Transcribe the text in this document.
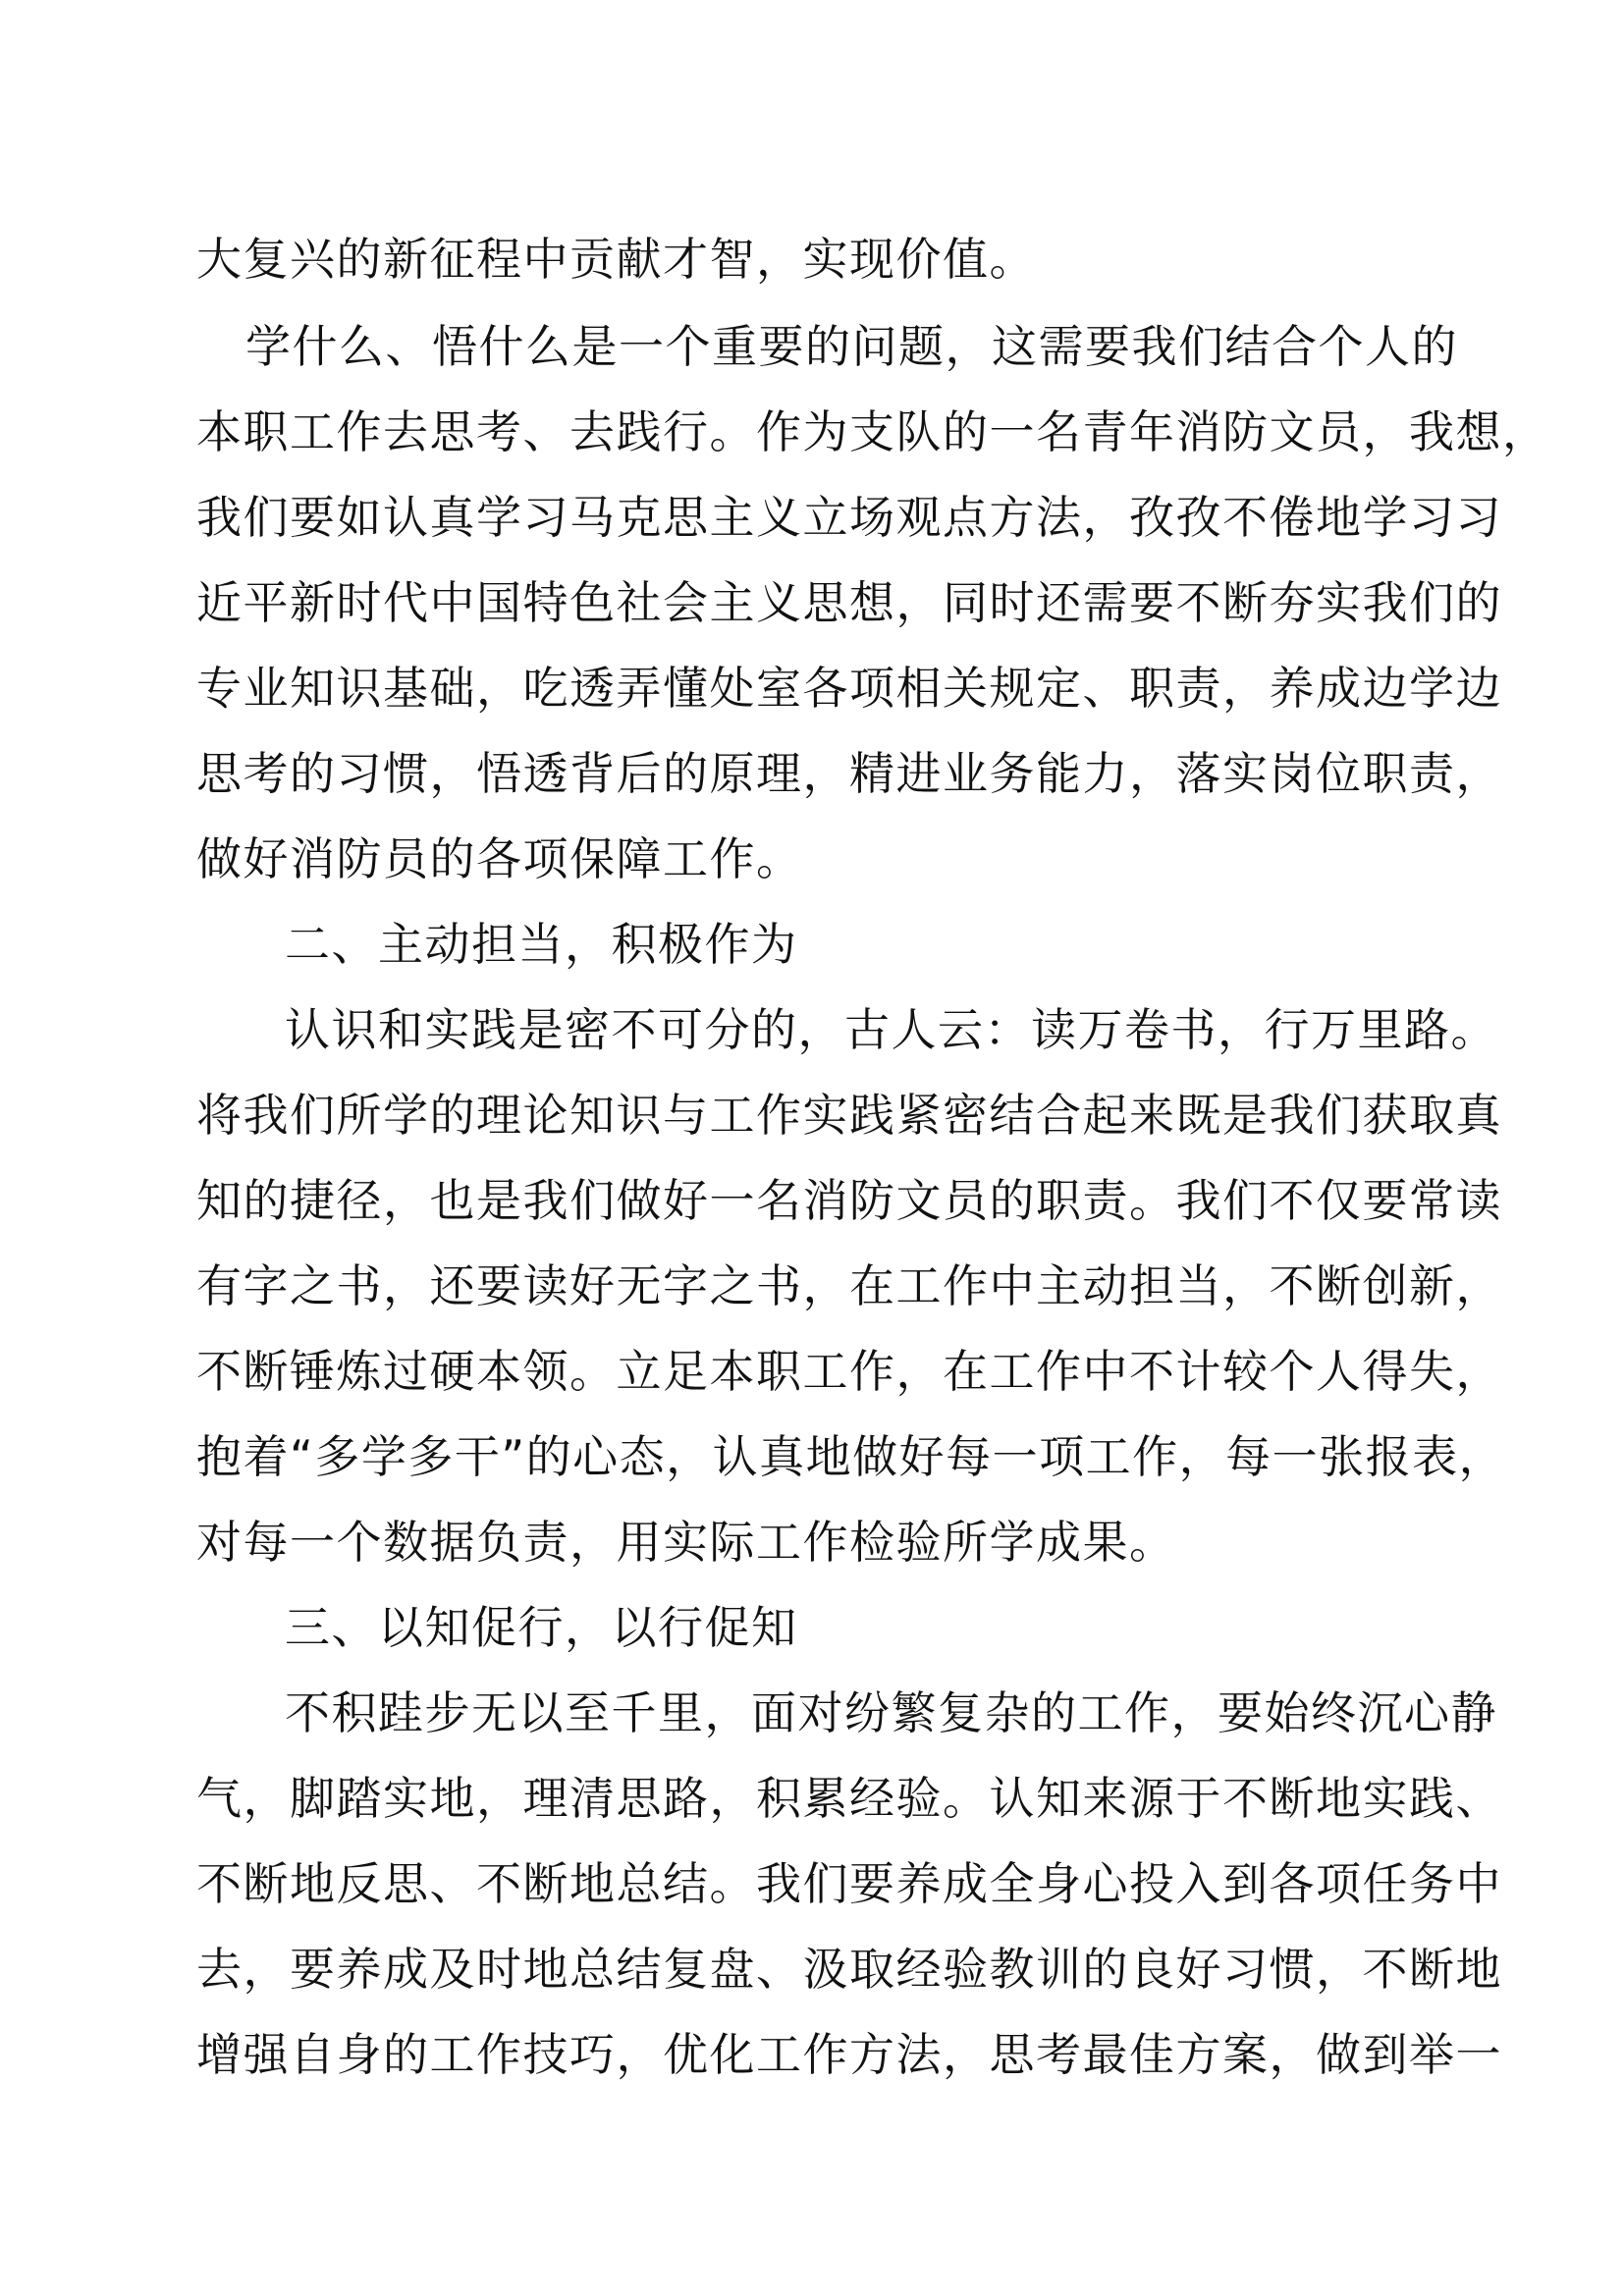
大复兴的新征程中贡献才智，实现价值。
学什么、悟什么是一个重要的问题，这需要我们结合个人的
本职工作去思考、去践行。作为支队的一名青年消防文员，我想，
我们要如认真学习马克思主义立场观点方法，孜孜不倦地学习习
近平新时代中国特色社会主义思想，同时还需要不断夯实我们的
专业知识基础，吃透弄懂处室各项相关规定、职责，养成边学边
思考的习惯，悟透背后的原理，精进业务能力，落实岗位职责，
做好消防员的各项保障工作。
二、主动担当，积极作为
认识和实践是密不可分的，古人云：读万卷书，行万里路。
将我们所学的理论知识与工作实践紧密结合起来既是我们获取真
知的捷径，也是我们做好一名消防文员的职责。我们不仅要常读
有字之书，还要读好无字之书，在工作中主动担当，不断创新，
不断锤炼过硬本领。立足本职工作，在工作中不计较个人得失，
抱着“多学多干”的心态，认真地做好每一项工作，每一张报表，
对每一个数据负责，用实际工作检验所学成果。
三、以知促行，以行促知
不积跬步无以至千里，面对纷繁复杂的工作，要始终沉心静
气，脚踏实地，理清思路，积累经验。认知来源于不断地实践、
不断地反思、不断地总结。我们要养成全身心投入到各项任务中
去，要养成及时地总结复盘、汲取经验教训的良好习惯，不断地
增强自身的工作技巧，优化工作方法，思考最佳方案，做到举一
